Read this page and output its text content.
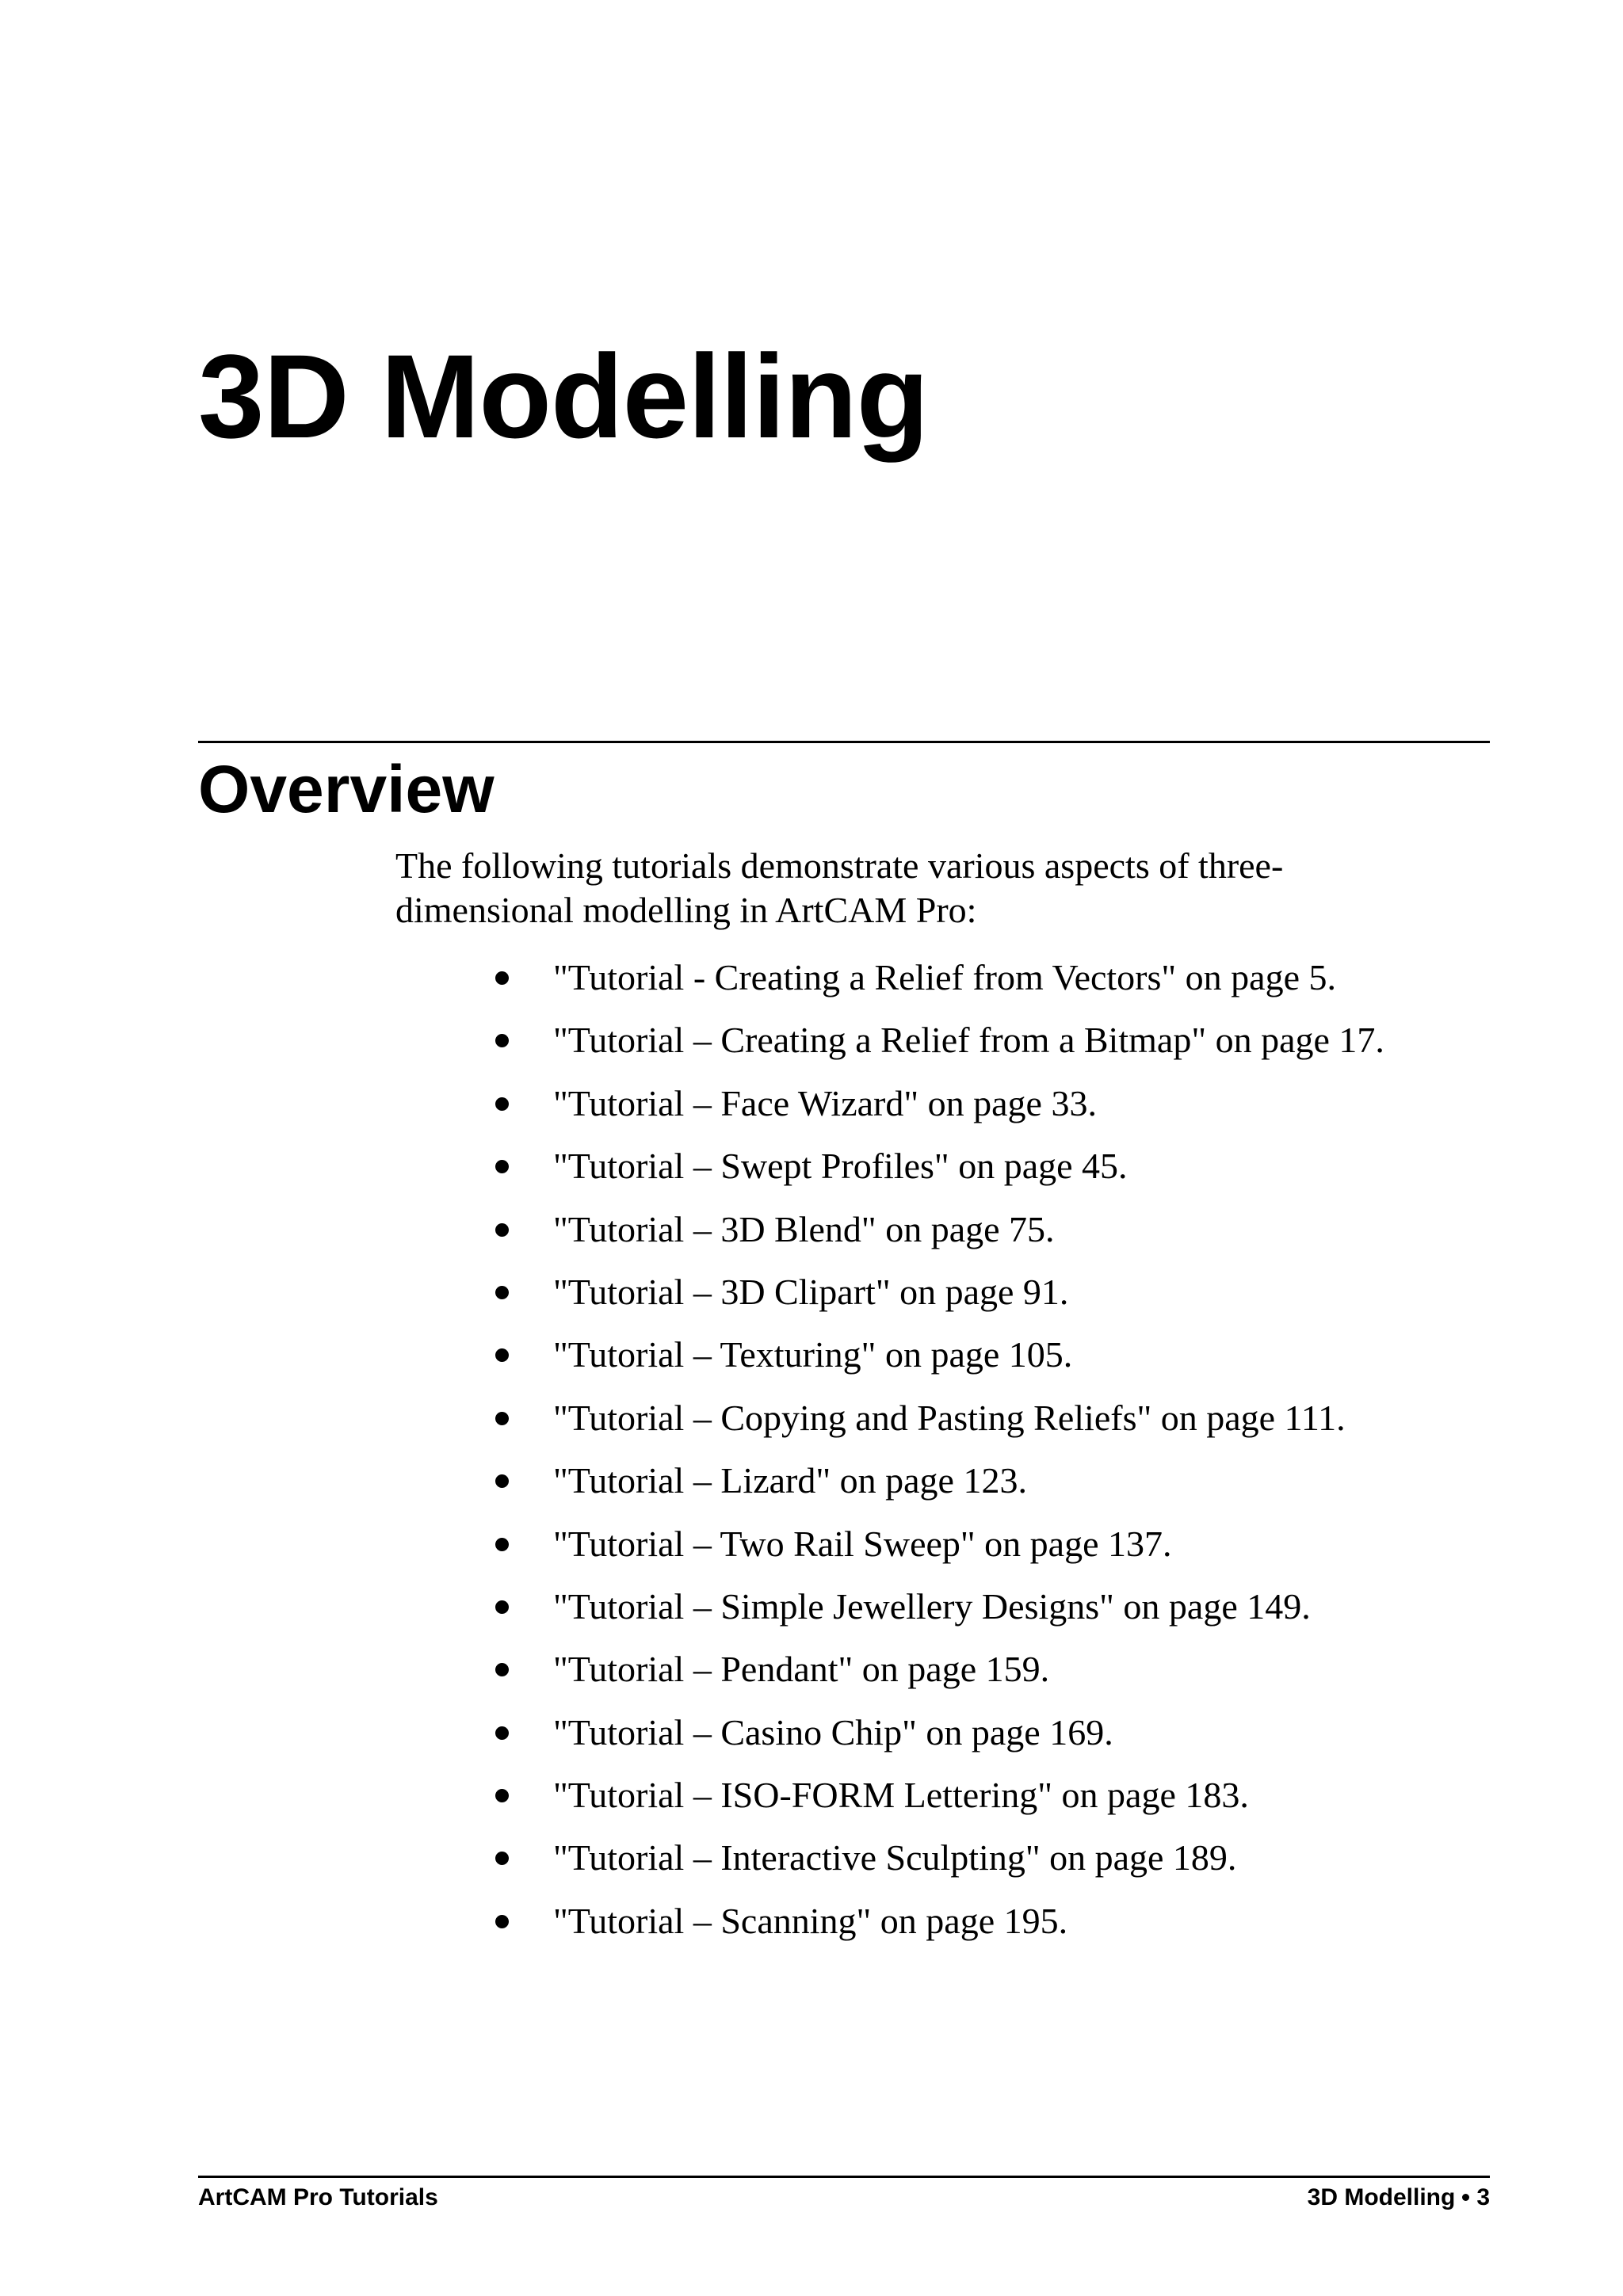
3D Modelling
Overview

The following tutorials demonstrate various aspects of three-dimensional modelling in ArtCAM Pro:

"Tutorial - Creating a Relief from Vectors" on page 5.
"Tutorial – Creating a Relief from a Bitmap" on page 17.
"Tutorial – Face Wizard" on page 33.
"Tutorial – Swept Profiles" on page 45.
"Tutorial – 3D Blend" on page 75.
"Tutorial – 3D Clipart" on page 91.
"Tutorial – Texturing" on page 105.
"Tutorial – Copying and Pasting Reliefs" on page 111.
"Tutorial – Lizard" on page 123.
"Tutorial – Two Rail Sweep" on page 137.
"Tutorial – Simple Jewellery Designs" on page 149.
"Tutorial – Pendant" on page 159.
"Tutorial – Casino Chip" on page 169.
"Tutorial – ISO-FORM Lettering" on page 183.
"Tutorial – Interactive Sculpting" on page 189.
"Tutorial – Scanning" on page 195.
ArtCAM Pro Tutorials	3D Modelling 3
